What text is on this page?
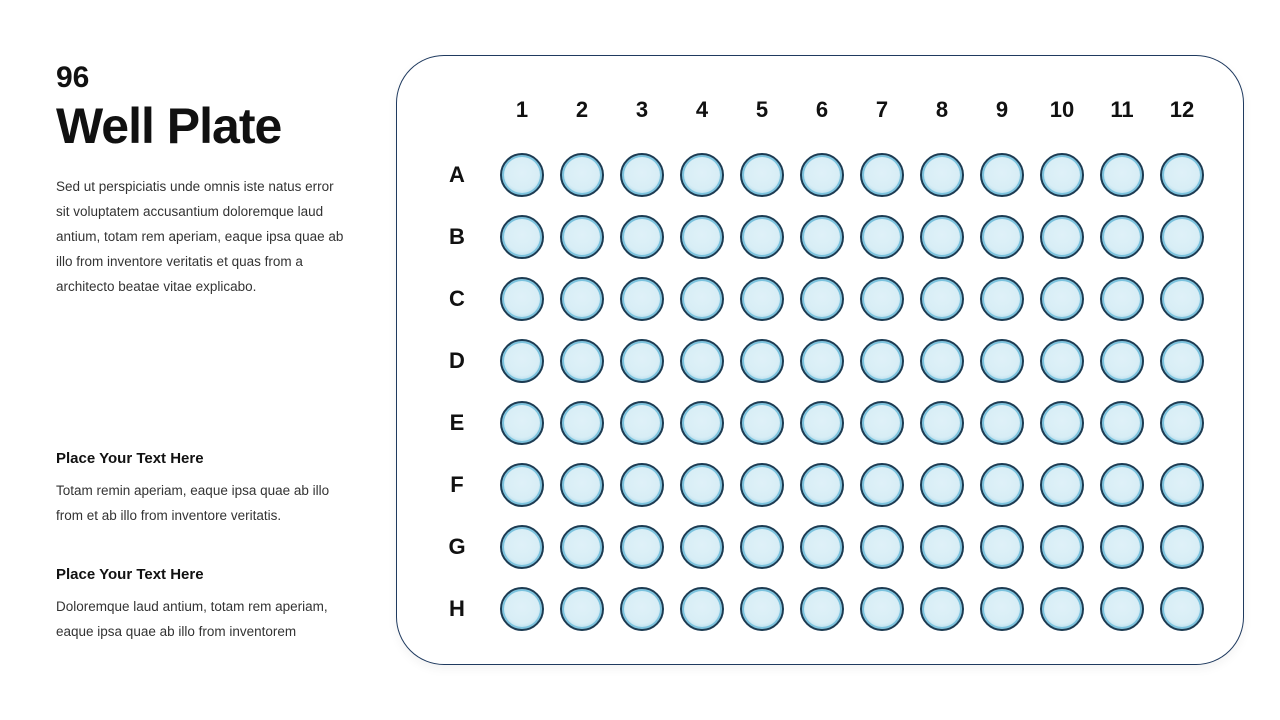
96
Well Plate
Sed ut perspiciatis unde omnis iste natus error sit voluptatem accusantium doloremque laud antium, totam rem aperiam, eaque ipsa quae ab illo from inventore veritatis et quas from a architecto beatae vitae explicabo.
Place Your Text Here

Totam remin aperiam, eaque ipsa quae ab illo from et ab illo from inventore veritatis.

Place Your Text Here

Doloremque laud antium, totam rem aperiam, eaque ipsa quae ab illo from inventorem

1	2	3	4	5	6	7	8	9	10	11	12
A
B
C
D
E
F
G
H
